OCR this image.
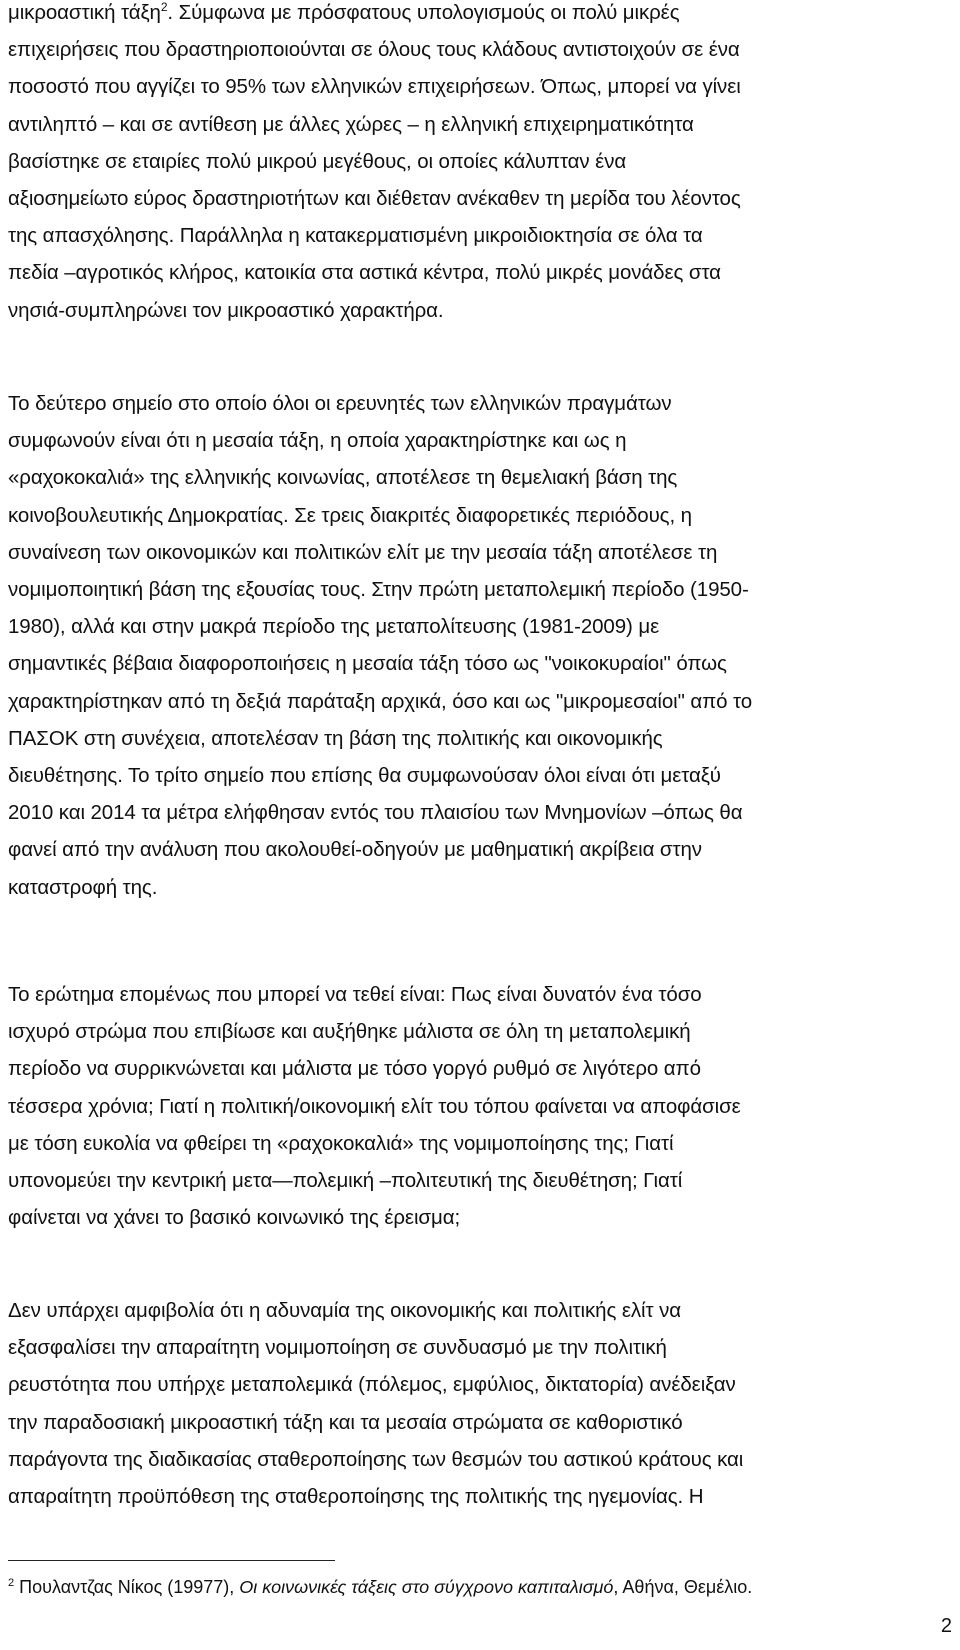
μικροαστική τάξη$^2$. Σύμφωνα με πρόσφατους υπολογισμούς οι πολύ μικρές
επιχειρήσεις που δραστηριοποιούνται σε όλους τους κλάδους αντιστοιχούν σε ένα
ποσοστό που αγγίζει το 95% των ελληνικών επιχειρήσεων. Όπως, μπορεί να γίνει
αντιληπτό – και σε αντίθεση με άλλες χώρες – η ελληνική επιχειρηματικότητα
βασίστηκε σε εταιρίες πολύ μικρού μεγέθους, οι οποίες κάλυπταν ένα
αξιοσημείωτο εύρος δραστηριοτήτων και διέθεταν ανέκαθεν τη μερίδα του λέοντος
της απασχόλησης. Παράλληλα η κατακερματισμένη μικροιδιοκτησία σε όλα τα
πεδία –αγροτικός κλήρος, κατοικία στα αστικά κέντρα, πολύ μικρές μονάδες στα
νησιά-συμπληρώνει τον μικροαστικό χαρακτήρα.
Το δεύτερο σημείο στο οποίο όλοι οι ερευνητές των ελληνικών πραγμάτων
συμφωνούν είναι ότι η μεσαία τάξη, η οποία χαρακτηρίστηκε και ως η
«ραχοκοκαλιά» της ελληνικής κοινωνίας, αποτέλεσε τη θεμελιακή βάση της
κοινοβουλευτικής Δημοκρατίας. Σε τρεις διακριτές διαφορετικές περιόδους, η
συναίνεση των οικονομικών και πολιτικών ελίτ με την μεσαία τάξη αποτέλεσε τη
νομιμοποιητική βάση της εξουσίας τους. Στην πρώτη μεταπολεμική περίοδο (1950-
1980), αλλά και στην μακρά περίοδο της μεταπολίτευσης (1981-2009) με
σημαντικές βέβαια διαφοροποιήσεις η μεσαία τάξη τόσο ως "νοικοκυραίοι" όπως
χαρακτηρίστηκαν από τη δεξιά παράταξη αρχικά, όσο και ως "μικρομεσαίοι" από το
ΠΑΣΟΚ στη συνέχεια, αποτελέσαν τη βάση της πολιτικής και οικονομικής
διευθέτησης. Το τρίτο σημείο που επίσης θα συμφωνούσαν όλοι είναι ότι μεταξύ
2010 και 2014 τα μέτρα ελήφθησαν εντός του πλαισίου των Μνημονίων –όπως θα
φανεί από την ανάλυση που ακολουθεί-οδηγούν με μαθηματική ακρίβεια στην
καταστροφή της.
Το ερώτημα επομένως που μπορεί να τεθεί είναι: Πως είναι δυνατόν ένα τόσο
ισχυρό στρώμα που επιβίωσε και αυξήθηκε μάλιστα σε όλη τη μεταπολεμική
περίοδο να συρρικνώνεται και μάλιστα με τόσο γοργό ρυθμό σε λιγότερο από
τέσσερα χρόνια; Γιατί η πολιτική/οικονομική ελίτ του τόπου φαίνεται να αποφάσισε
με τόση ευκολία να φθείρει τη «ραχοκοκαλιά» της νομιμοποίησης της; Γιατί
υπονομεύει την κεντρική μετα—πολεμική –πολιτευτική της διευθέτηση; Γιατί
φαίνεται να χάνει το βασικό κοινωνικό της έρεισμα;
Δεν υπάρχει αμφιβολία ότι η αδυναμία της οικονομικής και πολιτικής ελίτ να
εξασφαλίσει την απαραίτητη νομιμοποίηση σε συνδυασμό με την πολιτική
ρευστότητα που υπήρχε μεταπολεμικά (πόλεμος, εμφύλιος, δικτατορία) ανέδειξαν
την παραδοσιακή μικροαστική τάξη και τα μεσαία στρώματα σε καθοριστικό
παράγοντα της διαδικασίας σταθεροποίησης των θεσμών του αστικού κράτους και
απαραίτητη προϋπόθεση της σταθεροποίησης της πολιτικής της ηγεμονίας. Η
$^2$ Πουλαντζας Νίκος (19977), Οι κοινωνικές τάξεις στο σύγχρονο καπιταλισμό, Αθήνα, Θεμέλιο.
2
